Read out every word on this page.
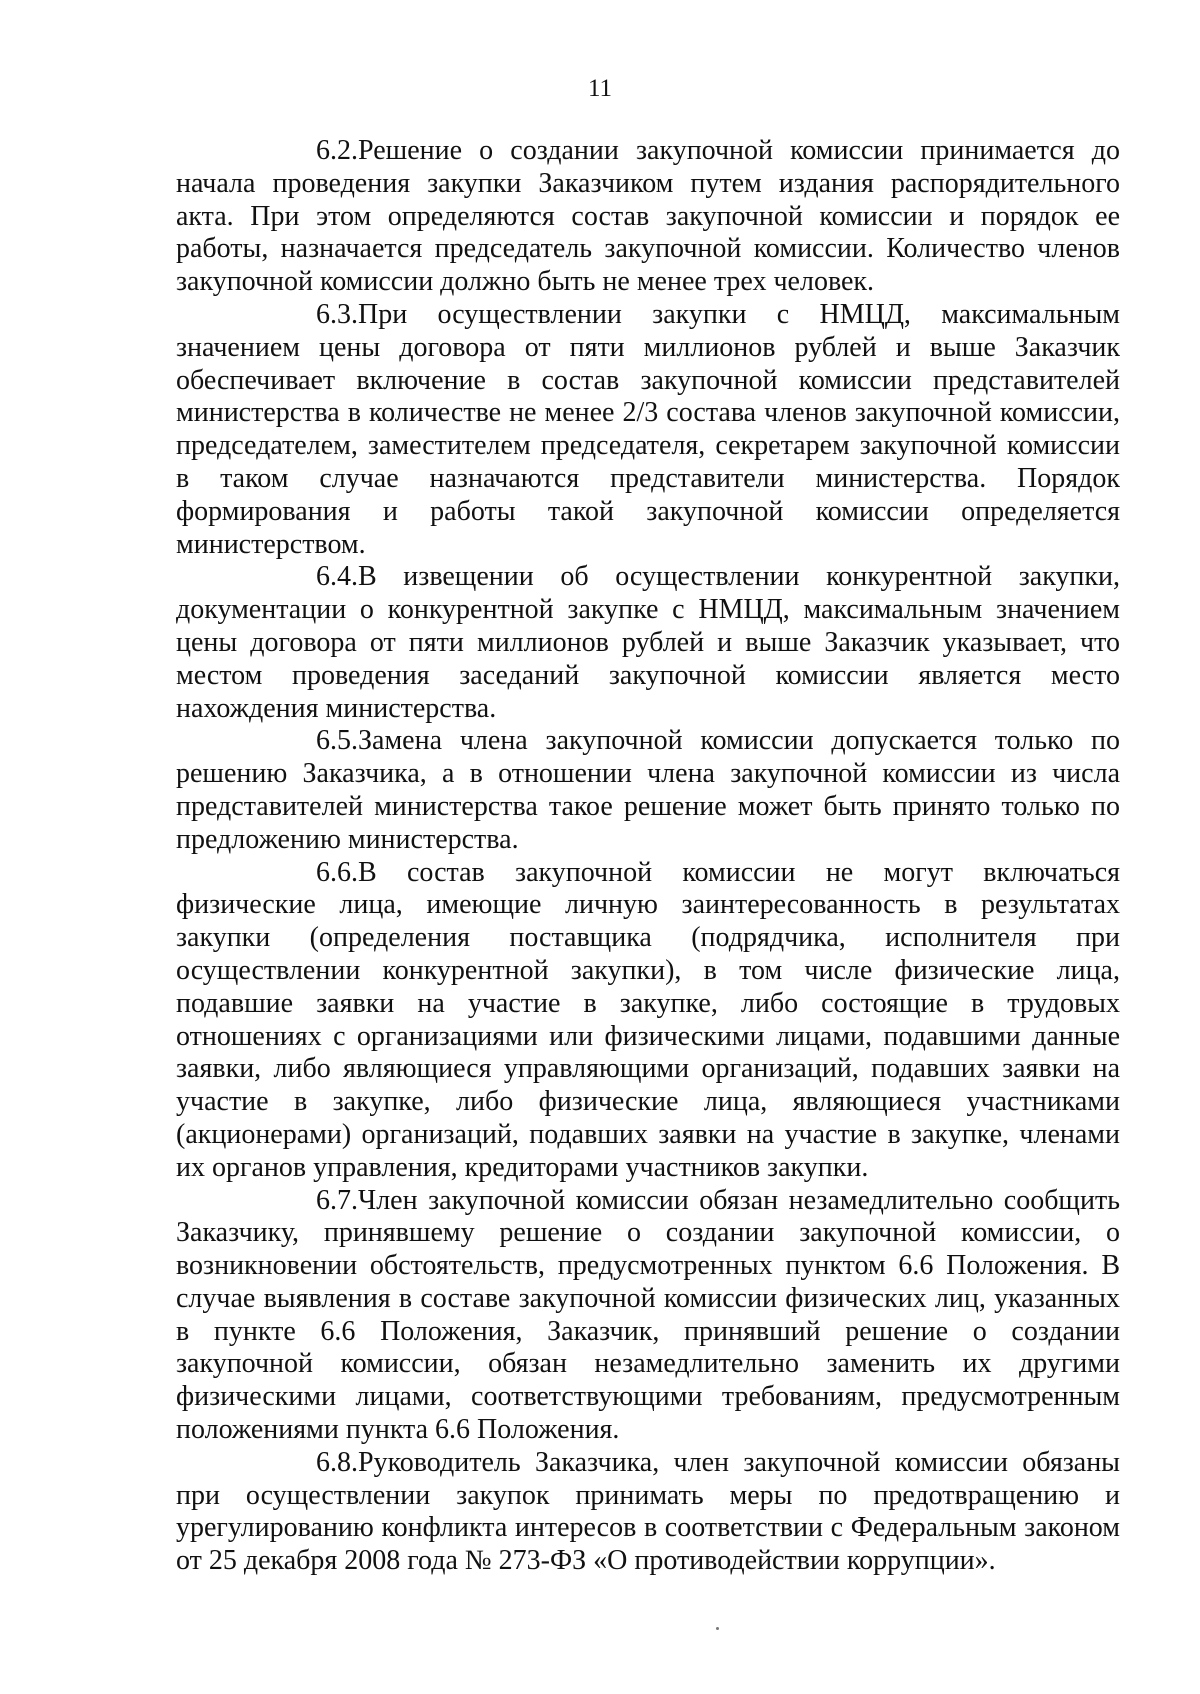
11

6.2.Решение о создании закупочной комиссии принимается до начала проведения закупки Заказчиком путем издания распорядительного акта. При этом определяются состав закупочной комиссии и порядок ее работы, назначается председатель закупочной комиссии. Количество членов закупочной комиссии должно быть не менее трех человек.

6.3.При осуществлении закупки с НМЦД, максимальным значением цены договора от пяти миллионов рублей и выше Заказчик обеспечивает включение в состав закупочной комиссии представителей министерства в количестве не менее 2/3 состава членов закупочной комиссии, председателем, заместителем председателя, секретарем закупочной комиссии в таком случае назначаются представители министерства. Порядок формирования и работы такой закупочной комиссии определяется министерством.

6.4.В извещении об осуществлении конкурентной закупки, документации о конкурентной закупке с НМЦД, максимальным значением цены договора от пяти миллионов рублей и выше Заказчик указывает, что местом проведения заседаний закупочной комиссии является место нахождения министерства.

6.5.Замена члена закупочной комиссии допускается только по решению Заказчика, а в отношении члена закупочной комиссии из числа представителей министерства такое решение может быть принято только по предложению министерства.

6.6.В состав закупочной комиссии не могут включаться физические лица, имеющие личную заинтересованность в результатах закупки (определения поставщика (подрядчика, исполнителя при осуществлении конкурентной закупки), в том числе физические лица, подавшие заявки на участие в закупке, либо состоящие в трудовых отношениях с организациями или физическими лицами, подавшими данные заявки, либо являющиеся управляющими организаций, подавших заявки на участие в закупке, либо физические лица, являющиеся участниками (акционерами) организаций, подавших заявки на участие в закупке, членами их органов управления, кредиторами участников закупки.

6.7.Член закупочной комиссии обязан незамедлительно сообщить Заказчику, принявшему решение о создании закупочной комиссии, о возникновении обстоятельств, предусмотренных пунктом 6.6 Положения. В случае выявления в составе закупочной комиссии физических лиц, указанных в пункте 6.6 Положения, Заказчик, принявший решение о создании закупочной комиссии, обязан незамедлительно заменить их другими физическими лицами, соответствующими требованиям, предусмотренным положениями пункта 6.6 Положения.

6.8.Руководитель Заказчика, член закупочной комиссии обязаны при осуществлении закупок принимать меры по предотвращению и урегулированию конфликта интересов в соответствии с Федеральным законом от 25 декабря 2008 года № 273-ФЗ «О противодействии коррупции».
